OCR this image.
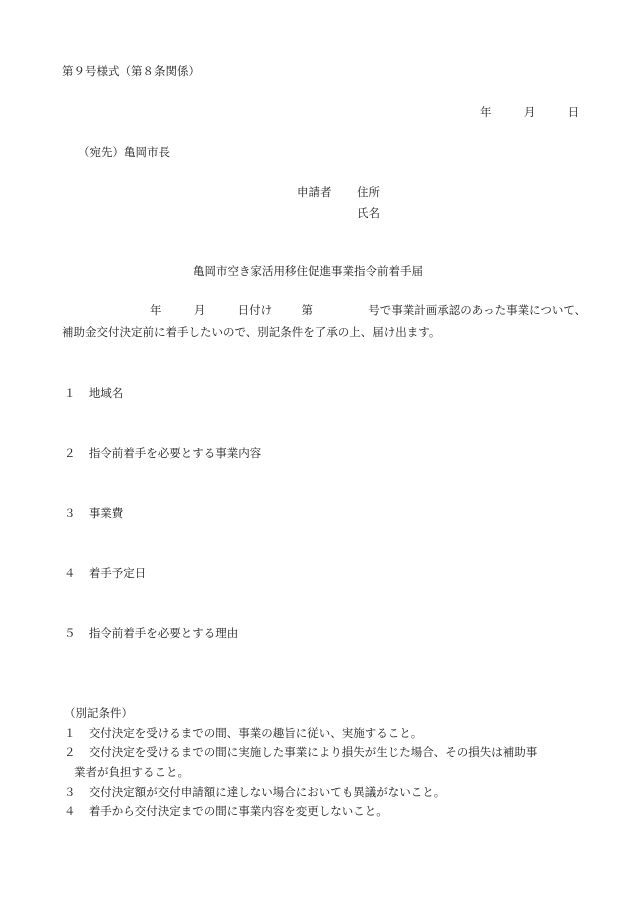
第９号様式（第８条関係）
年	月	日
（宛先）亀岡市長
申請者 住所
氏名
亀岡市空き家活用移住促進事業指令前着手届
年	月	日付け	第	号で事業計画承認のあった事業について、
補助金交付決定前に着手したいので、別記条件を了承の上、届け出ます。
１ 地域名
２ 指令前着手を必要とする事業内容
３ 事業費
４ 着手予定日
５ 指令前着手を必要とする理由
（別記条件）
１ 交付決定を受けるまでの間、事業の趣旨に従い、実施すること。
２ 交付決定を受けるまでの間に実施した事業により損失が生じた場合、その損失は補助事
業者が負担すること。
３ 交付決定額が交付申請額に達しない場合においても異議がないこと。
４ 着手から交付決定までの間に事業内容を変更しないこと。
